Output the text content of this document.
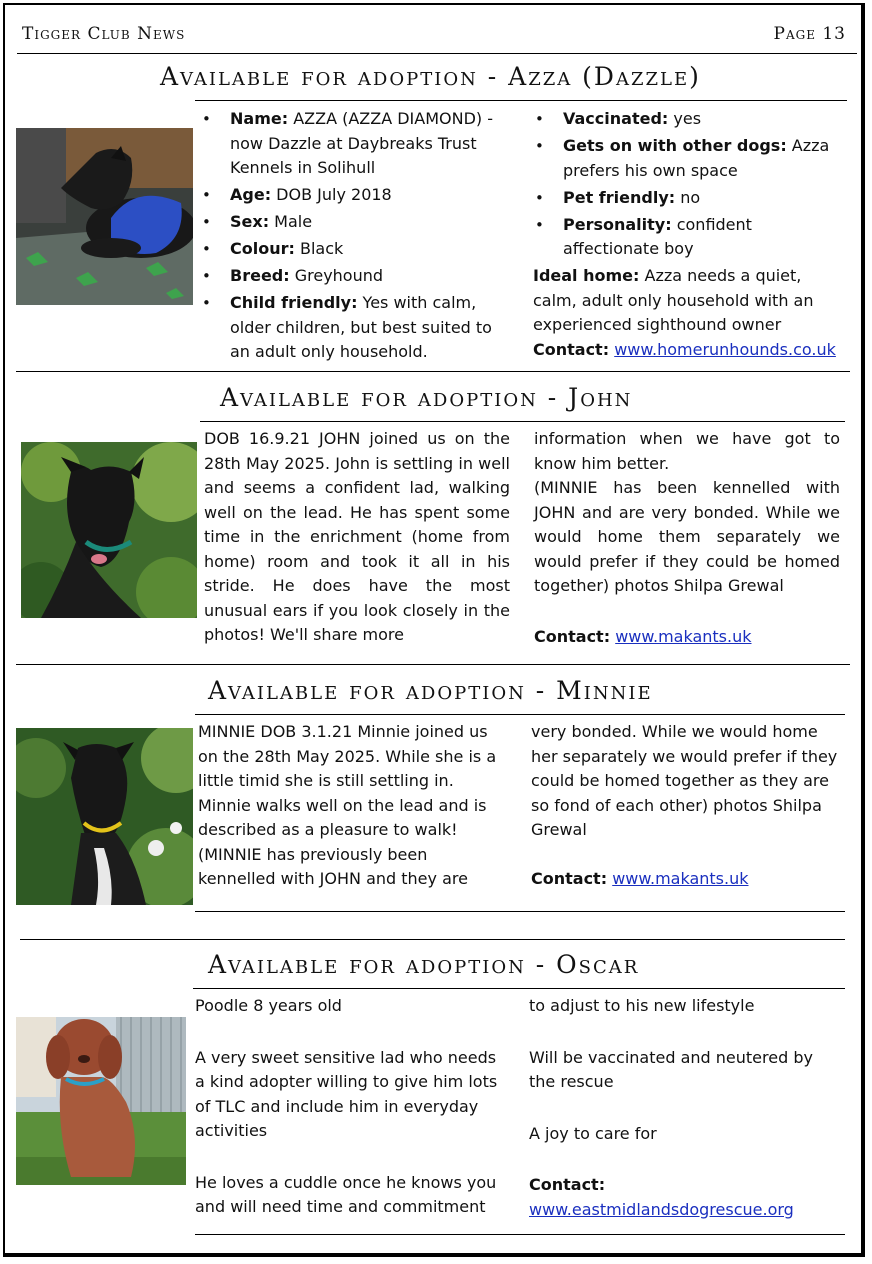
Tigger Club News	Page 13
Available for adoption - Azza (Dazzle)
• Name: AZZA (AZZA DIAMOND) - now Dazzle at Daybreaks Trust Kennels in Solihull
• Age: DOB July 2018
• Sex: Male
• Colour: Black
• Breed: Greyhound
• Child friendly: Yes with calm, older children, but best suited to an adult only household.
• Vaccinated: yes
• Gets on with other dogs: Azza prefers his own space
• Pet friendly: no
• Personality: confident affectionate boy

Ideal home: Azza needs a quiet, calm, adult only household with an experienced sighthound owner

Contact: www.homerunhounds.co.uk

Available for adoption - John

DOB 16.9.21 JOHN joined us on the 28th May 2025. John is settling in well and seems a confident lad, walking well on the lead. He has spent some time in the enrichment (home from home) room and took it all in his stride. He does have the most unusual ears if you look closely in the photos! We'll share more

information when we have got to know him better.

(MINNIE has been kennelled with JOHN and are very bonded. While we would home them separately we would prefer if they could be homed together) photos Shilpa Grewal

Contact: www.makants.uk

Available for adoption - Minnie

MINNIE DOB 3.1.21 Minnie joined us on the 28th May 2025. While she is a little timid she is still settling in. Minnie walks well on the lead and is described as a pleasure to walk! (MINNIE has previously been kennelled with JOHN and they are

very bonded. While we would home her separately we would prefer if they could be homed together as they are so fond of each other) photos Shilpa Grewal

Contact: www.makants.uk

Available for adoption - Oscar

Poodle 8 years old

A very sweet sensitive lad who needs a kind adopter willing to give him lots of TLC and include him in everyday activities

He loves a cuddle once he knows you and will need time and commitment

to adjust to his new lifestyle

Will be vaccinated and neutered by the rescue

A joy to care for

Contact:

www.eastmidlandsdogrescue.org
